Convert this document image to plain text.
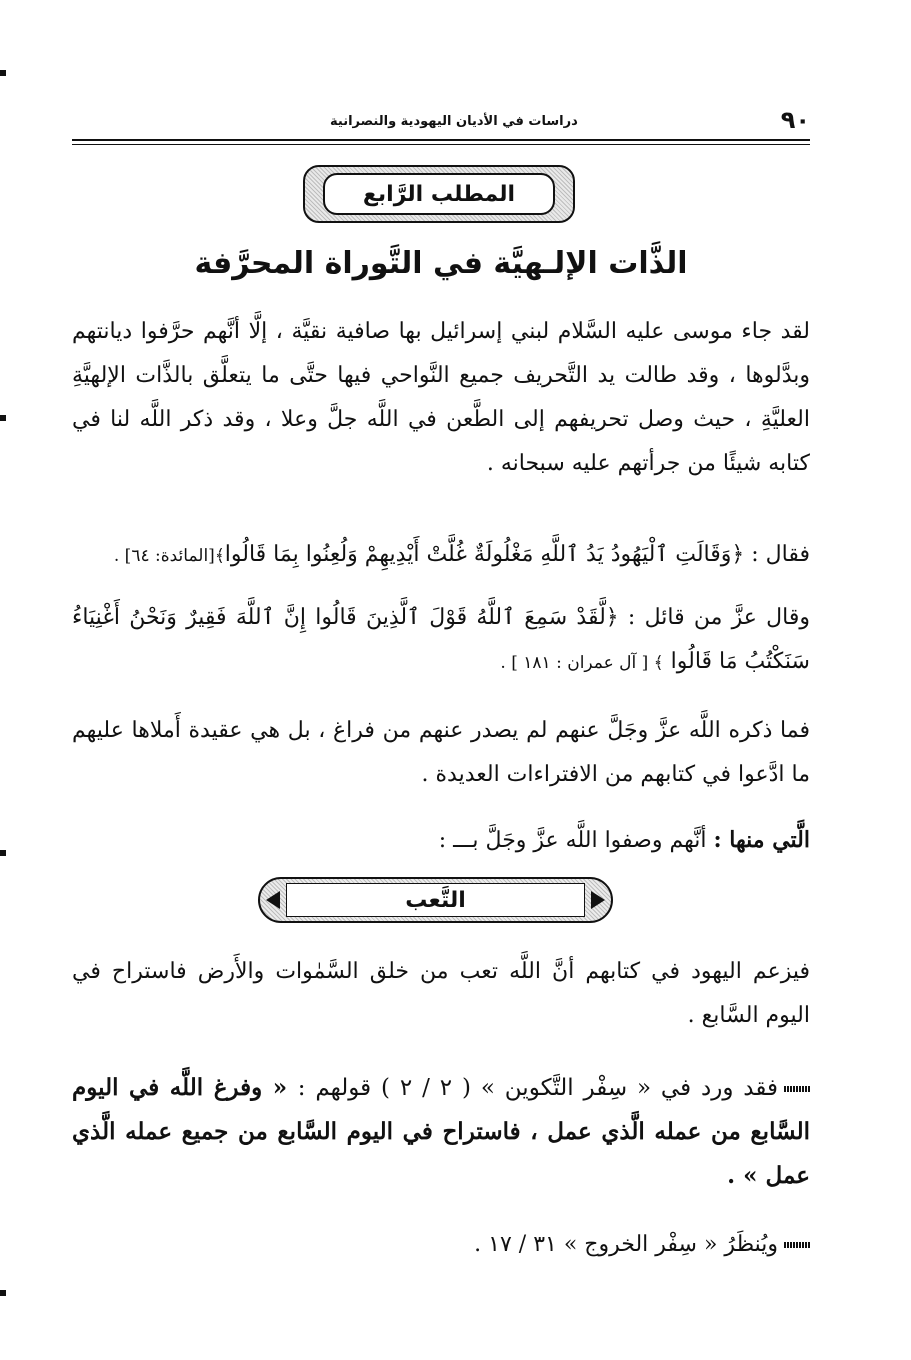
دراسات في الأديان اليهودية والنصرانية	٩٠
المطلب الرَّابع
الذَّات الإلـهيَّة في التَّوراة المحرَّفة
لقد جاء موسى عليه السَّلام لبني إسرائيل بها صافية نقيَّة ، إلَّا أنَّهم حرَّفوا ديانتهم وبدَّلوها ، وقد طالت يد التَّحريف جميع النَّواحي فيها حتَّى ما يتعلَّق بالذَّات الإلهيَّةِ العليَّةِ ، حيث وصل تحريفهم إلى الطَّعن في اللَّه جلَّ وعلا ، وقد ذكر اللَّه لنا في كتابه شيئًا من جرأتهم عليه سبحانه .
فقال : ﴿وَقَالَتِ ٱلْيَهُودُ يَدُ ٱللَّهِ مَغْلُولَةٌ غُلَّتْ أَيْدِيهِمْ وَلُعِنُوا بِمَا قَالُوا﴾[المائدة: ٦٤] .
وقال عزَّ من قائل : ﴿لَّقَدْ سَمِعَ ٱللَّهُ قَوْلَ ٱلَّذِينَ قَالُوا إِنَّ ٱللَّهَ فَقِيرٌ وَنَحْنُ أَغْنِيَاءُ سَنَكْتُبُ مَا قَالُوا ﴾ [ آل عمران : ١٨١ ] .
فما ذكره اللَّه عزَّ وجَلَّ عنهم لم يصدر عنهم من فراغ ، بل هي عقيدة أَملاها عليهم ما ادَّعوا في كتابهم من الافتراءات العديدة .
الَّتي منها : أنَّهم وصفوا اللَّه عزَّ وجَلَّ بـــ :
التَّعب
فيزعم اليهود في كتابهم أنَّ اللَّه تعب من خلق السَّمٰوات والأَرض فاستراح في اليوم السَّابع .
فقد ورد في « سِفْر التَّكوين » ( ٢ / ٢ ) قولهم : « وفرغ اللَّه في اليوم السَّابع من عمله الَّذي عمل ، فاستراح في اليوم السَّابع من جميع عمله الَّذي عمل » .
ويُنظَرُ « سِفْر الخروج » ٣١ / ١٧ .
